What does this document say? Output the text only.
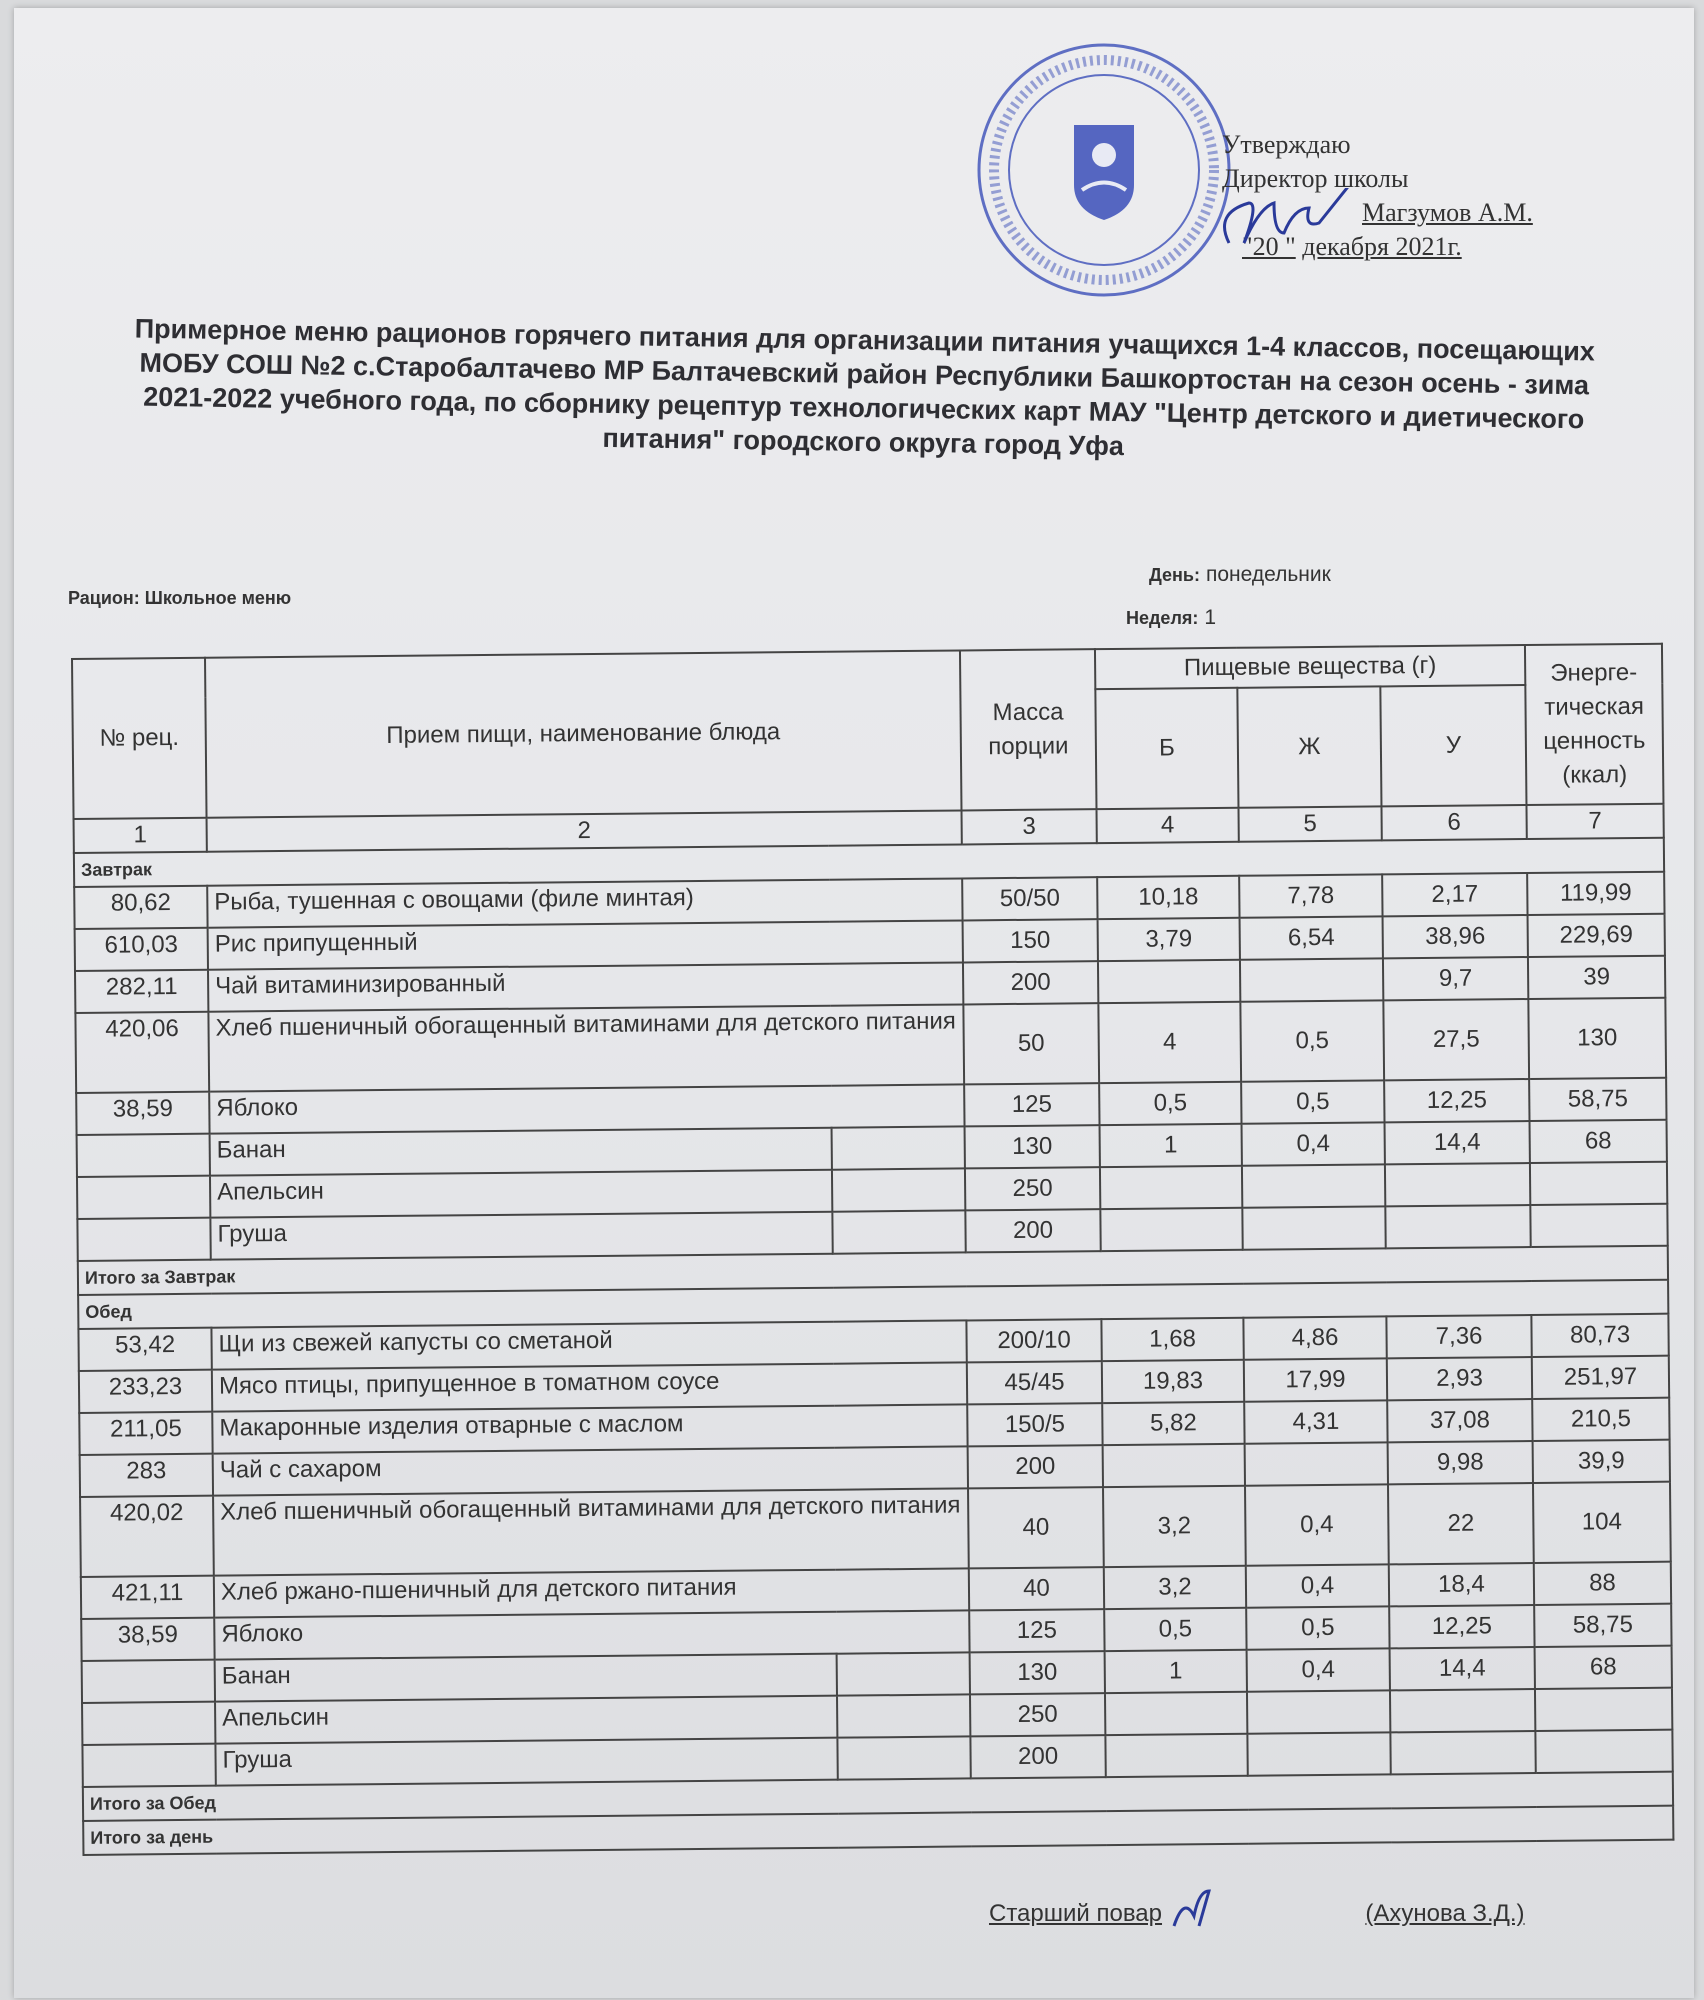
Утверждаю
Директор школы
Магзумов А.М.
"20 " декабря 2021г.
Примерное меню рационов горячего питания для организации питания учащихся 1-4 классов, посещающих МОБУ СОШ №2 с.Старобалтачево МР Балтачевский район Республики Башкортостан на сезон осень - зима 2021-2022 учебного года, по сборнику рецептур технологических карт МАУ "Центр детского и диетического питания" городского округа город Уфа
Рацион: Школьное меню
День: понедельник
Неделя: 1
№ рец.	Прием пищи, наименование блюда		Масса порции	Пищевые вещества (г)			Энерге-тическая ценность (ккал)
				Б	Ж	У	
1	2		3	4	5	6	7
Завтрак							
80,62	Рыба, тушенная с овощами (филе минтая)		50/50	10,18	7,78	2,17	119,99
610,03	Рис припущенный		150	3,79	6,54	38,96	229,69
282,11	Чай витаминизированный		200			9,7	39
420,06	Хлеб пшеничный обогащенный витаминами для детского питания		50	4	0,5	27,5	130
38,59	Яблоко		125	0,5	0,5	12,25	58,75
	Банан		130	1	0,4	14,4	68
	Апельсин		250				
	Груша		200				
Итого за Завтрак							
Обед							
53,42	Щи из свежей капусты со сметаной		200/10	1,68	4,86	7,36	80,73
233,23	Мясо птицы, припущенное в томатном соусе		45/45	19,83	17,99	2,93	251,97
211,05	Макаронные изделия отварные с маслом		150/5	5,82	4,31	37,08	210,5
283	Чай с сахаром		200			9,98	39,9
420,02	Хлеб пшеничный обогащенный витаминами для детского питания		40	3,2	0,4	22	104
421,11	Хлеб ржано-пшеничный для детского питания		40	3,2	0,4	18,4	88
38,59	Яблоко		125	0,5	0,5	12,25	58,75
	Банан		130	1	0,4	14,4	68
	Апельсин		250				
	Груша		200				
Итого за Обед							
Итого за день							
Старший повар	(Ахунова З.Д.)
